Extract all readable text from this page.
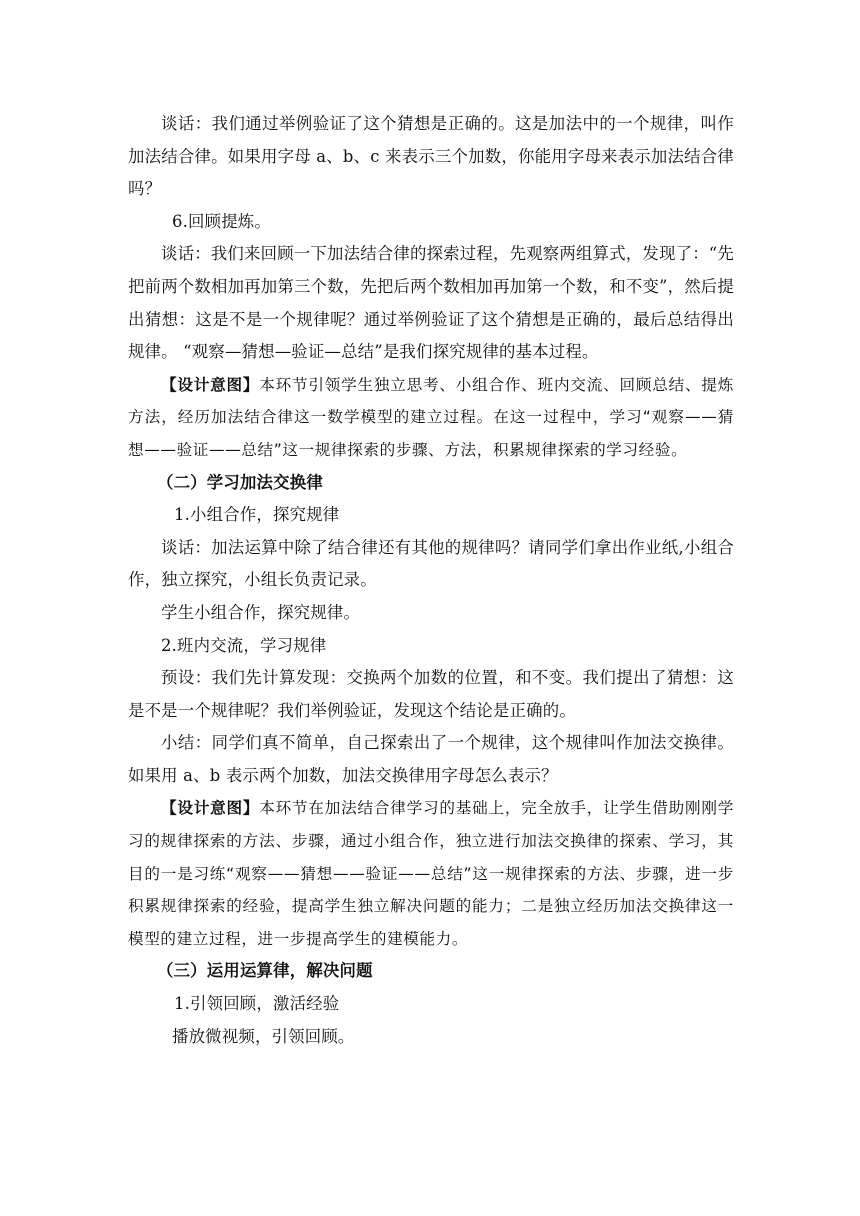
谈话：我们通过举例验证了这个猜想是正确的。这是加法中的一个规律，叫作加法结合律。如果用字母 a、b、c 来表示三个加数，你能用字母来表示加法结合律吗？

6.回顾提炼。

谈话：我们来回顾一下加法结合律的探索过程，先观察两组算式，发现了：“先把前两个数相加再加第三个数，先把后两个数相加再加第一个数，和不变”，然后提出猜想：这是不是一个规律呢？通过举例验证了这个猜想是正确的，最后总结得出规律。 “观察—猜想—验证—总结”是我们探究规律的基本过程。

【设计意图】本环节引领学生独立思考、小组合作、班内交流、回顾总结、提炼方法，经历加法结合律这一数学模型的建立过程。在这一过程中，学习“观察——猜想——验证——总结”这一规律探索的步骤、方法，积累规律探索的学习经验。

（二）学习加法交换律

1.小组合作，探究规律

谈话：加法运算中除了结合律还有其他的规律吗？请同学们拿出作业纸,小组合作，独立探究，小组长负责记录。

学生小组合作，探究规律。

2.班内交流，学习规律

预设：我们先计算发现：交换两个加数的位置，和不变。我们提出了猜想：这是不是一个规律呢？我们举例验证，发现这个结论是正确的。

小结：同学们真不简单，自己探索出了一个规律，这个规律叫作加法交换律。如果用 a、b 表示两个加数，加法交换律用字母怎么表示？

【设计意图】本环节在加法结合律学习的基础上，完全放手，让学生借助刚刚学习的规律探索的方法、步骤，通过小组合作，独立进行加法交换律的探索、学习，其目的一是习练“观察——猜想——验证——总结”这一规律探索的方法、步骤，进一步积累规律探索的经验，提高学生独立解决问题的能力；二是独立经历加法交换律这一模型的建立过程，进一步提高学生的建模能力。

（三）运用运算律，解决问题

1.引领回顾，激活经验

播放微视频，引领回顾。
